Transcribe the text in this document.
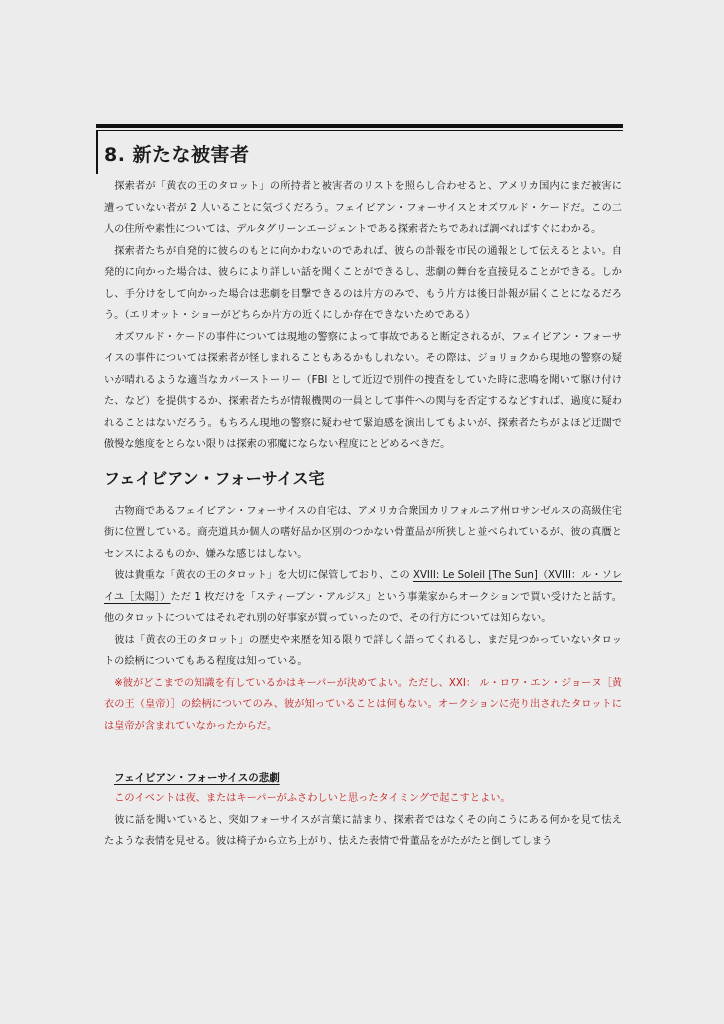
8. 新たな被害者

探索者が「黄衣の王のタロット」の所持者と被害者のリストを照らし合わせると、アメリカ国内にまだ被害に遭っていない者が 2 人いることに気づくだろう。フェイビアン・フォーサイスとオズワルド・ケードだ。この二人の住所や素性については、デルタグリーンエージェントである探索者たちであれば調べればすぐにわかる。

探索者たちが自発的に彼らのもとに向かわないのであれば、彼らの訃報を市民の通報として伝えるとよい。自発的に向かった場合は、彼らにより詳しい話を聞くことができるし、悲劇の舞台を直接見ることができる。しかし、手分けをして向かった場合は悲劇を目撃できるのは片方のみで、もう片方は後日訃報が届くことになるだろう。（エリオット・ショーがどちらか片方の近くにしか存在できないためである）

オズワルド・ケードの事件については現地の警察によって事故であると断定されるが、フェイビアン・フォーサイスの事件については探索者が怪しまれることもあるかもしれない。その際は、ジョリョクから現地の警察の疑いが晴れるような適当なカバーストーリー（FBI として近辺で別件の捜査をしていた時に悲鳴を聞いて駆け付けた、など）を提供するか、探索者たちが情報機関の一員として事件への関与を否定するなどすれば、過度に疑われることはないだろう。もちろん現地の警察に疑わせて緊迫感を演出してもよいが、探索者たちがよほど迂闊で傲慢な態度をとらない限りは探索の邪魔にならない程度にとどめるべきだ。

フェイビアン・フォーサイス宅

古物商であるフェイビアン・フォーサイスの自宅は、アメリカ合衆国カリフォルニア州ロサンゼルスの高級住宅街に位置している。商売道具か個人の嗜好品か区別のつかない骨董品が所狭しと並べられているが、彼の真贋とセンスによるものか、嫌みな感じはしない。

彼は貴重な「黄衣の王のタロット」を大切に保管しており、この XVIII: Le Soleil [The Sun]（XVIII：ル・ソレイユ［太陽］）ただ 1 枚だけを「スティーブン・アルジス」という事業家からオークションで買い受けたと話す。他のタロットについてはそれぞれ別の好事家が買っていったので、その行方については知らない。

彼は「黄衣の王のタロット」の歴史や来歴を知る限りで詳しく語ってくれるし、まだ見つかっていないタロットの絵柄についてもある程度は知っている。

※彼がどこまでの知識を有しているかはキーパーが決めてよい。ただし、XXI： ル・ロワ・エン・ジョーヌ［黄衣の王（皇帝）］の絵柄についてのみ、彼が知っていることは何もない。オークションに売り出されたタロットには皇帝が含まれていなかったからだ。

フェイビアン・フォーサイスの悲劇

このイベントは夜、またはキーパーがふさわしいと思ったタイミングで起こすとよい。

彼に話を聞いていると、突如フォーサイスが言葉に詰まり、探索者ではなくその向こうにある何かを見て怯えたような表情を見せる。彼は椅子から立ち上がり、怯えた表情で骨董品をがたがたと倒してしまう
